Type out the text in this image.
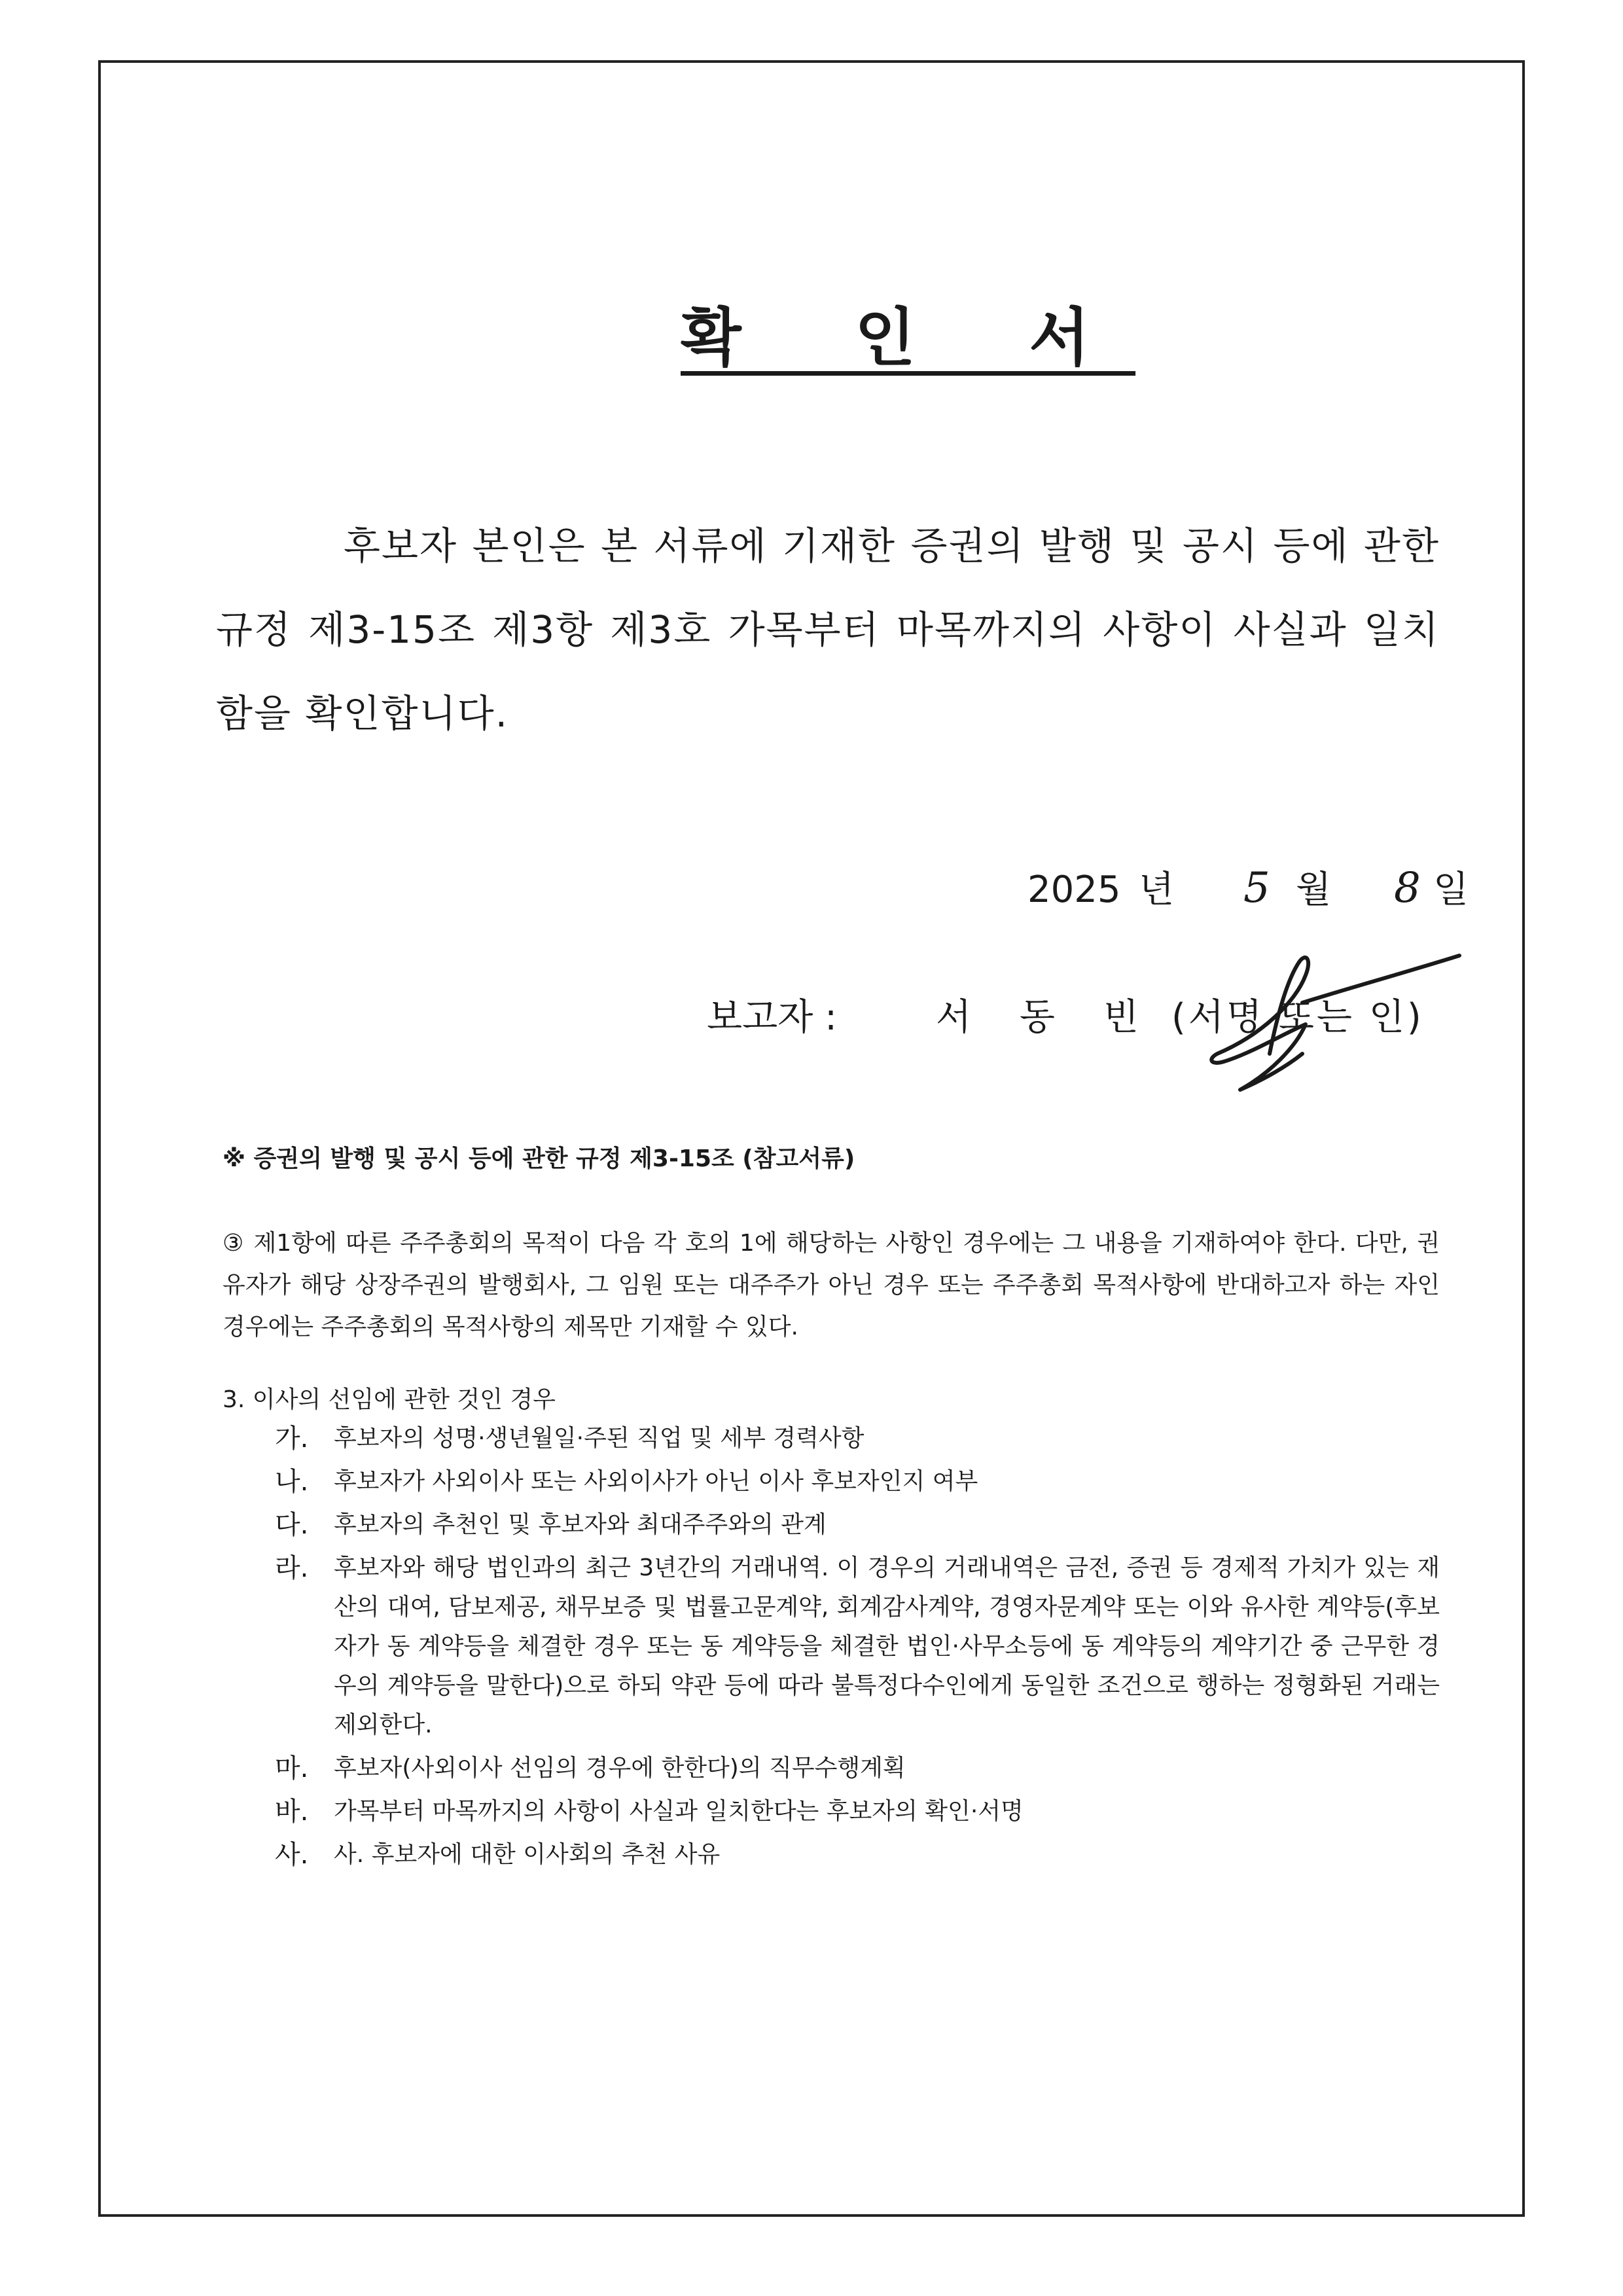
확 인 서

후보자 본인은 본 서류에 기재한 증권의 발행 및 공시 등에 관한 규정 제3-15조 제3항 제3호 가목부터 마목까지의 사항이 사실과 일치함을 확인합니다.

2025 년 5 월 8 일
보고자 :	서 동 빈 (서명 또는 인)
※ 증권의 발행 및 공시 등에 관한 규정 제3-15조 (참고서류)

③ 제1항에 따른 주주총회의 목적이 다음 각 호의 1에 해당하는 사항인 경우에는 그 내용을 기재하여야 한다. 다만, 권유자가 해당 상장주권의 발행회사, 그 임원 또는 대주주가 아닌 경우 또는 주주총회 목적사항에 반대하고자 하는 자인 경우에는 주주총회의 목적사항의 제목만 기재할 수 있다.

3. 이사의 선임에 관한 것인 경우
가.	후보자의 성명·생년월일·주된 직업 및 세부 경력사항
나.	후보자가 사외이사 또는 사외이사가 아닌 이사 후보자인지 여부
다.	후보자의 추천인 및 후보자와 최대주주와의 관계
라.	후보자와 해당 법인과의 최근 3년간의 거래내역. 이 경우의 거래내역은 금전, 증권 등 경제적 가치가 있는 재산의 대여, 담보제공, 채무보증 및 법률고문계약, 회계감사계약, 경영자문계약 또는 이와 유사한 계약등(후보자가 동 계약등을 체결한 경우 또는 동 계약등을 체결한 법인·사무소등에 동 계약등의 계약기간 중 근무한 경우의 계약등을 말한다)으로 하되 약관 등에 따라 불특정다수인에게 동일한 조건으로 행하는 정형화된 거래는 제외한다.
마.	후보자(사외이사 선임의 경우에 한한다)의 직무수행계획
바.	가목부터 마목까지의 사항이 사실과 일치한다는 후보자의 확인·서명
사.	사. 후보자에 대한 이사회의 추천 사유
